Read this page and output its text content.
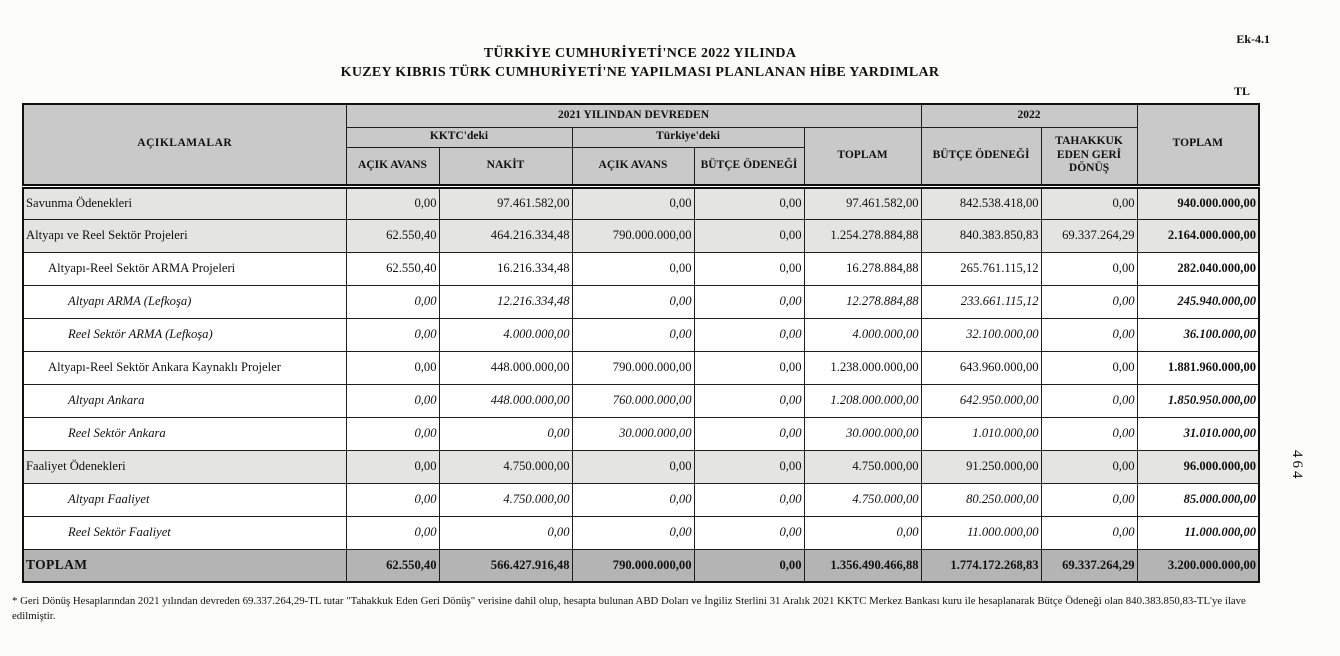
Ek-4.1
TÜRKİYE CUMHURİYETİ'NCE 2022 YILINDA
KUZEY KIBRIS TÜRK CUMHURİYETİ'NE YAPILMASI PLANLANAN HİBE YARDIMLAR
TL
AÇIKLAMALAR	2021 YILINDAN DEVREDEN					2022		TOPLAM
	KKTC'deki		Türkiye'deki		TOPLAM	BÜTÇE ÖDENEĞİ	TAHAKKUK EDEN GERİ DÖNÜŞ	
	AÇIK AVANS	NAKİT	AÇIK AVANS	BÜTÇE ÖDENEĞİ				
Savunma Ödenekleri	0,00	97.461.582,00	0,00	0,00	97.461.582,00	842.538.418,00	0,00	940.000.000,00
Altyapı ve Reel Sektör Projeleri	62.550,40	464.216.334,48	790.000.000,00	0,00	1.254.278.884,88	840.383.850,83	69.337.264,29	2.164.000.000,00
Altyapı-Reel Sektör ARMA Projeleri	62.550,40	16.216.334,48	0,00	0,00	16.278.884,88	265.761.115,12	0,00	282.040.000,00
Altyapı ARMA (Lefkoşa)	0,00	12.216.334,48	0,00	0,00	12.278.884,88	233.661.115,12	0,00	245.940.000,00
Reel Sektör ARMA (Lefkoşa)	0,00	4.000.000,00	0,00	0,00	4.000.000,00	32.100.000,00	0,00	36.100.000,00
Altyapı-Reel Sektör Ankara Kaynaklı Projeler	0,00	448.000.000,00	790.000.000,00	0,00	1.238.000.000,00	643.960.000,00	0,00	1.881.960.000,00
Altyapı Ankara	0,00	448.000.000,00	760.000.000,00	0,00	1.208.000.000,00	642.950.000,00	0,00	1.850.950.000,00
Reel Sektör Ankara	0,00	0,00	30.000.000,00	0,00	30.000.000,00	1.010.000,00	0,00	31.010.000,00
Faaliyet Ödenekleri	0,00	4.750.000,00	0,00	0,00	4.750.000,00	91.250.000,00	0,00	96.000.000,00
Altyapı Faaliyet	0,00	4.750.000,00	0,00	0,00	4.750.000,00	80.250.000,00	0,00	85.000.000,00
Reel Sektör Faaliyet	0,00	0,00	0,00	0,00	0,00	11.000.000,00	0,00	11.000.000,00
TOPLAM	62.550,40	566.427.916,48	790.000.000,00	0,00	1.356.490.466,88	1.774.172.268,83	69.337.264,29	3.200.000.000,00
* Geri Dönüş Hesaplarından 2021 yılından devreden 69.337.264,29-TL tutar "Tahakkuk Eden Geri Dönüş" verisine dahil olup, hesapta bulunan ABD Doları ve İngiliz Sterlini 31 Aralık 2021 KKTC Merkez Bankası kuru ile hesaplanarak Bütçe Ödeneği olan 840.383.850,83-TL'ye ilave edilmiştir.
464
